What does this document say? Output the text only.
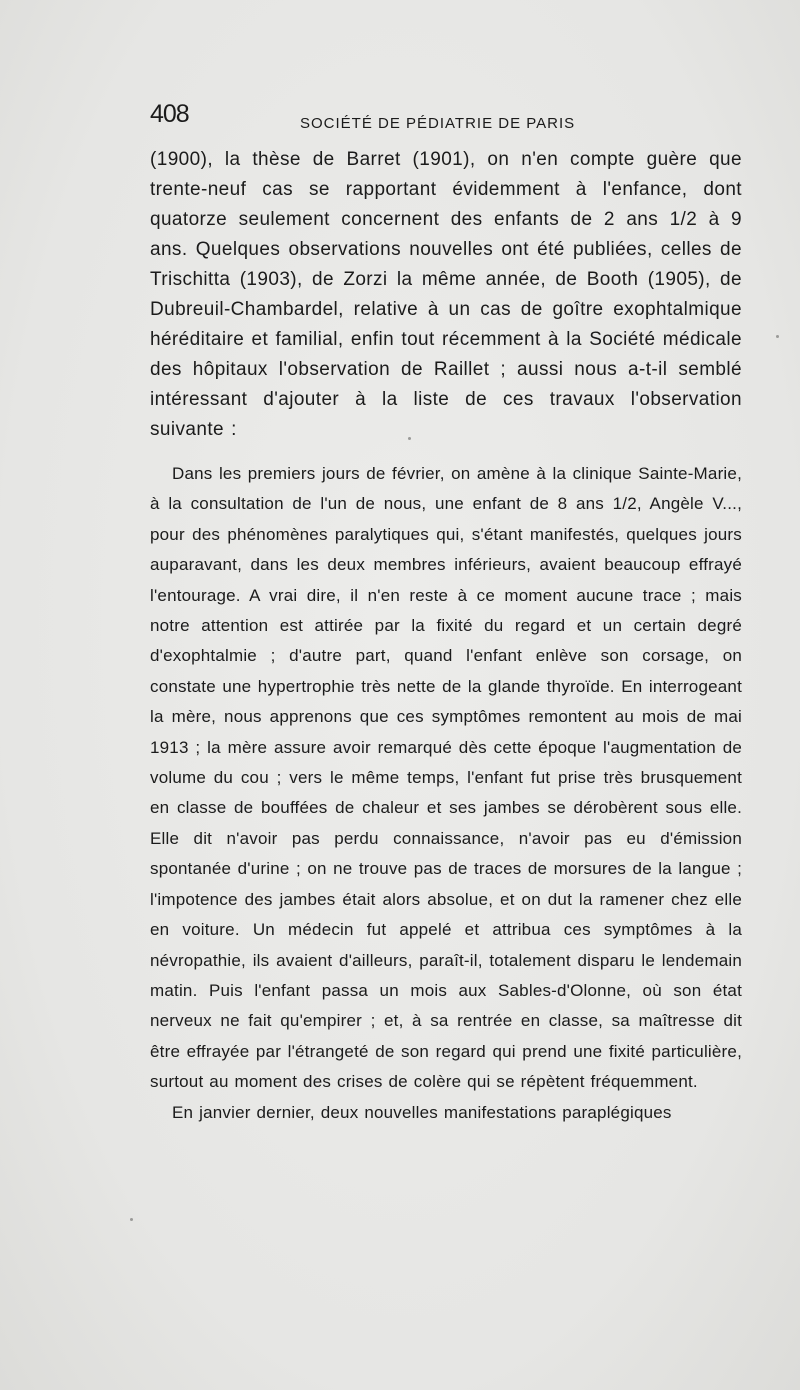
408	SOCIÉTÉ DE PÉDIATRIE DE PARIS

(1900), la thèse de Barret (1901), on n'en compte guère que trente-neuf cas se rapportant évidemment à l'enfance, dont quatorze seulement concernent des enfants de 2 ans 1/2 à 9 ans. Quelques observations nouvelles ont été publiées, celles de Trischitta (1903), de Zorzi la même année, de Booth (1905), de Dubreuil-Chambardel, relative à un cas de goître exophtalmique héréditaire et familial, enfin tout récemment à la Société médicale des hôpitaux l'observation de Raillet ; aussi nous a-t-il semblé intéressant d'ajouter à la liste de ces travaux l'observation suivante :

Dans les premiers jours de février, on amène à la clinique Sainte-Marie, à la consultation de l'un de nous, une enfant de 8 ans 1/2, Angèle V..., pour des phénomènes paralytiques qui, s'étant manifestés, quelques jours auparavant, dans les deux membres inférieurs, avaient beaucoup effrayé l'entourage. A vrai dire, il n'en reste à ce moment aucune trace ; mais notre attention est attirée par la fixité du regard et un certain degré d'exophtalmie ; d'autre part, quand l'enfant enlève son corsage, on constate une hypertrophie très nette de la glande thyroïde. En interrogeant la mère, nous apprenons que ces symptômes remontent au mois de mai 1913 ; la mère assure avoir remarqué dès cette époque l'augmentation de volume du cou ; vers le même temps, l'enfant fut prise très brusquement en classe de bouffées de chaleur et ses jambes se dérobèrent sous elle. Elle dit n'avoir pas perdu connaissance, n'avoir pas eu d'émission spontanée d'urine ; on ne trouve pas de traces de morsures de la langue ; l'impotence des jambes était alors absolue, et on dut la ramener chez elle en voiture. Un médecin fut appelé et attribua ces symptômes à la névropathie, ils avaient d'ailleurs, paraît-il, totalement disparu le lendemain matin. Puis l'enfant passa un mois aux Sables-d'Olonne, où son état nerveux ne fait qu'empirer ; et, à sa rentrée en classe, sa maîtresse dit être effrayée par l'étrangeté de son regard qui prend une fixité particulière, surtout au moment des crises de colère qui se répètent fréquemment.

En janvier dernier, deux nouvelles manifestations paraplégiques
